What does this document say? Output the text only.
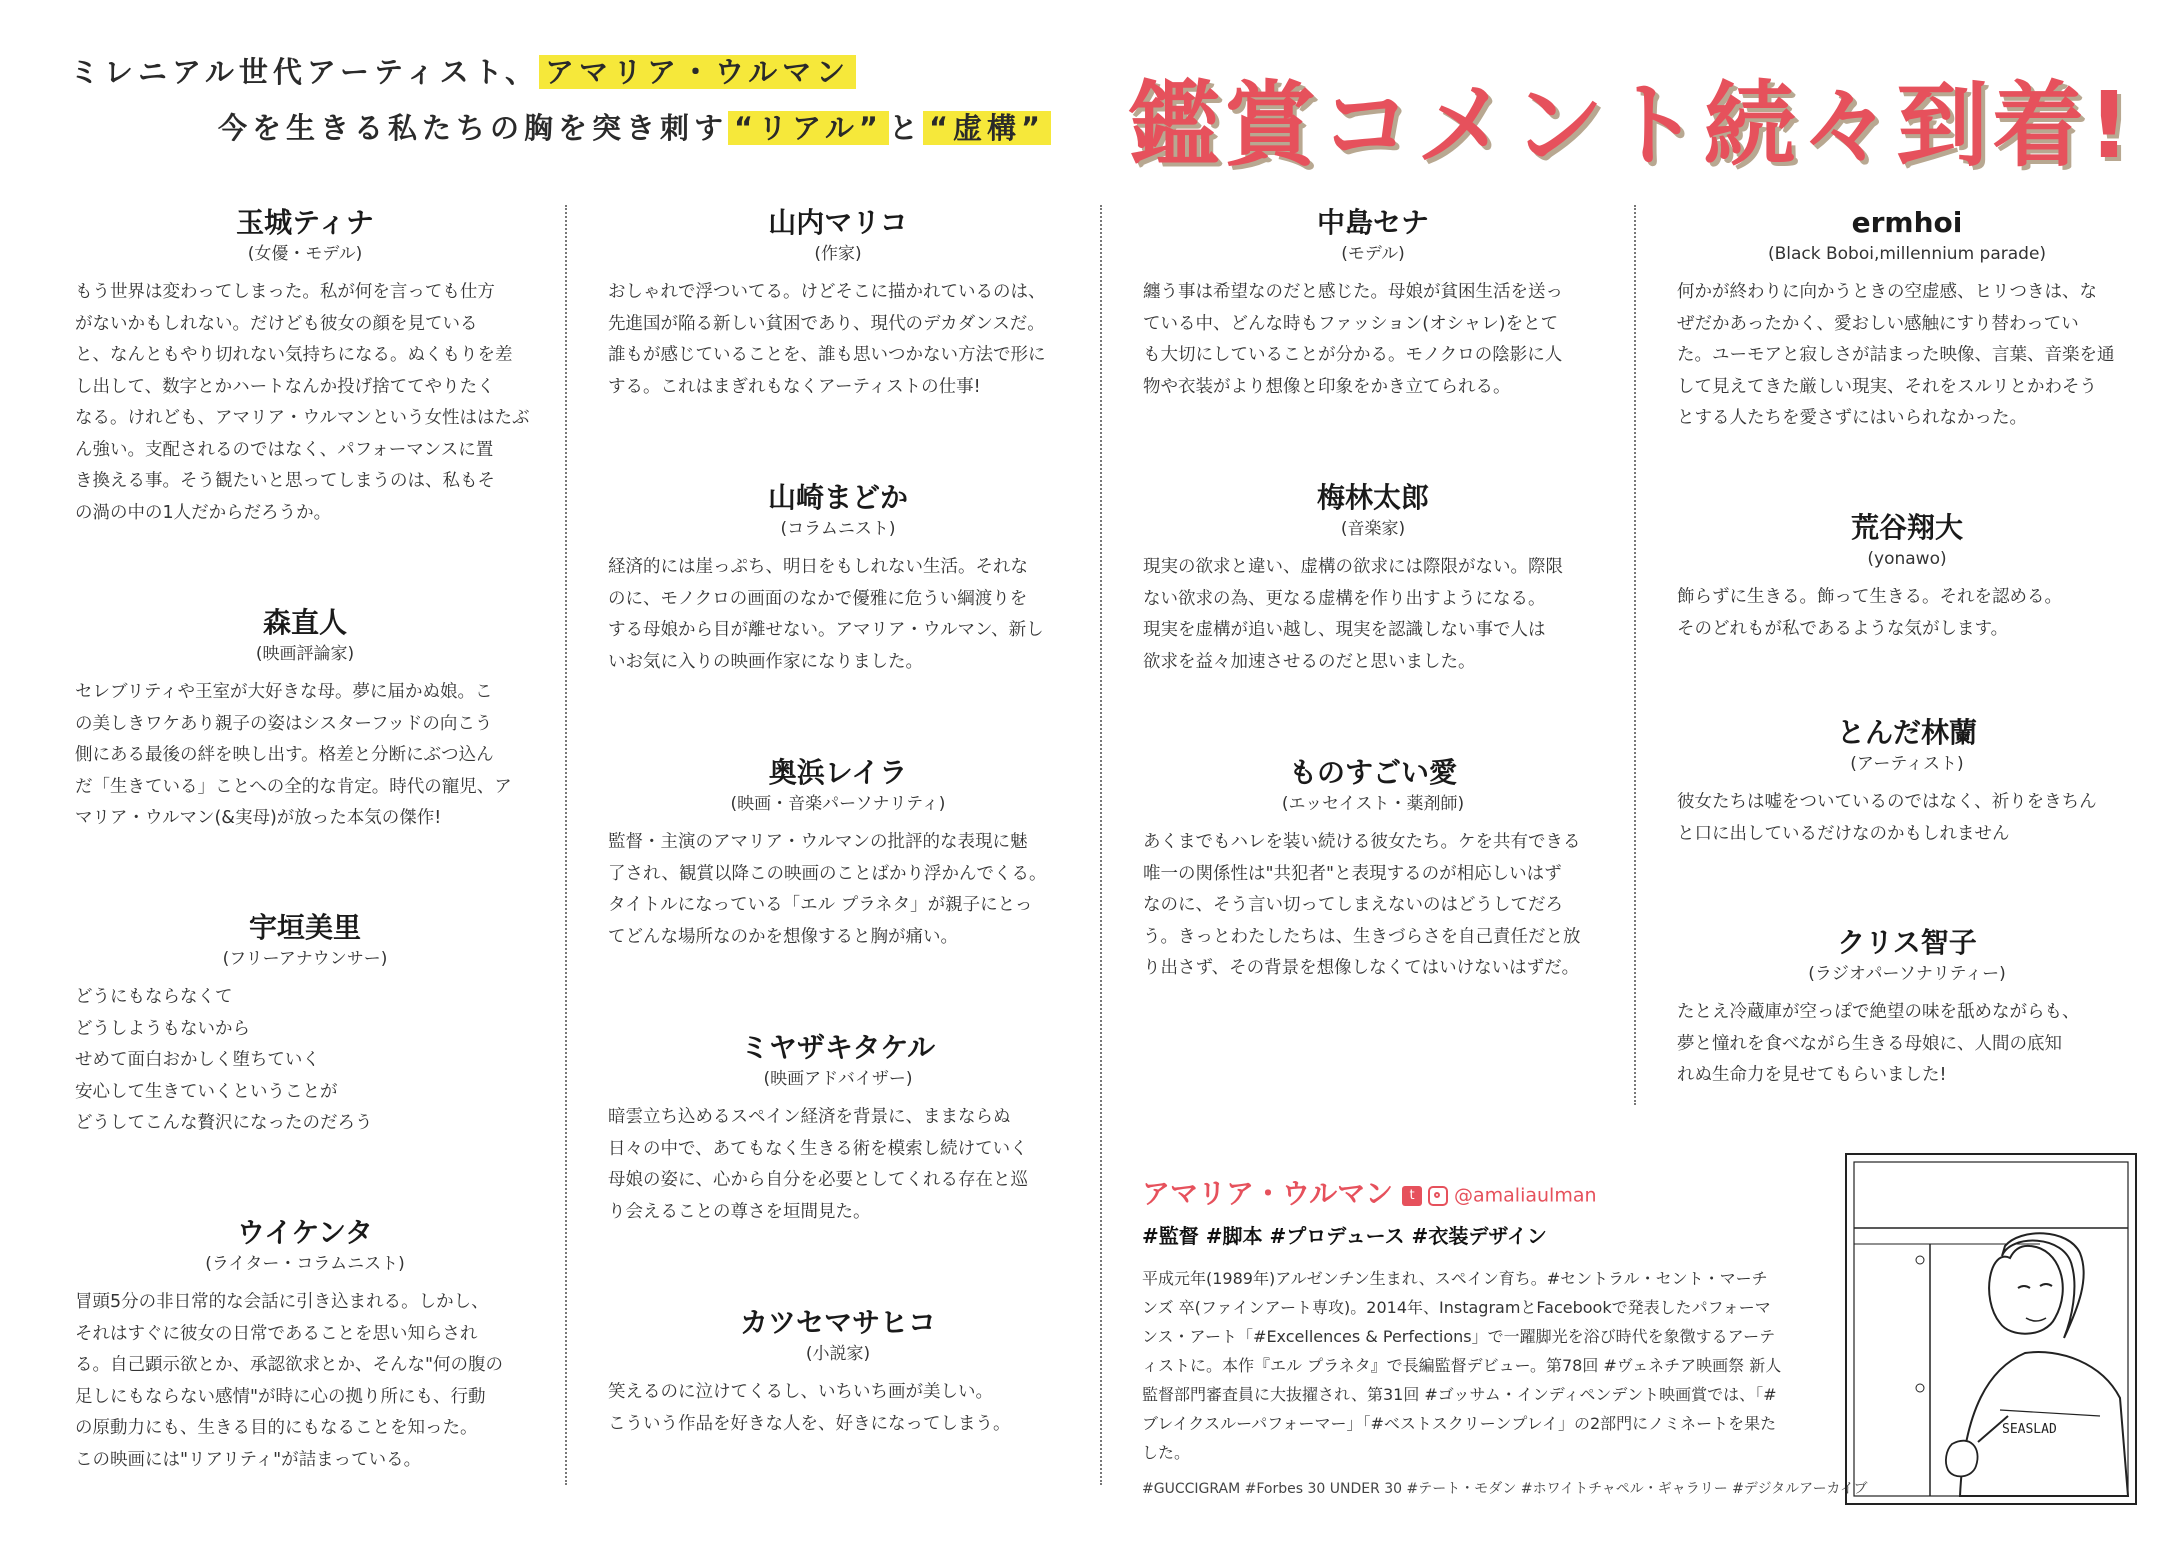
ミレニアル世代アーティスト、 アマリア・ウルマン
今を生きる私たちの胸を突き刺す “リアル” と “虚構” 鑑賞コメント続々到着!
玉城ティナ
(女優・モデル)
もう世界は変わってしまった。私が何を言っても仕方
がないかもしれない。だけども彼女の顔を見ている
と、なんともやり切れない気持ちになる。ぬくもりを差
し出して、数字とかハートなんか投げ捨ててやりたく
なる。けれども、アマリア・ウルマンという女性ははたぶ
ん強い。支配されるのではなく、パフォーマンスに置
き換える事。そう観たいと思ってしまうのは、私もそ
の渦の中の1人だからだろうか。
森直人
(映画評論家)
セレブリティや王室が大好きな母。夢に届かぬ娘。こ
の美しきワケあり親子の姿はシスターフッドの向こう
側にある最後の絆を映し出す。格差と分断にぶつ込ん
だ「生きている」ことへの全的な肯定。時代の寵児、ア
マリア・ウルマン(&実母)が放った本気の傑作!
宇垣美里
(フリーアナウンサー)
どうにもならなくて
どうしようもないから
せめて面白おかしく堕ちていく
安心して生きていくということが
どうしてこんな贅沢になったのだろう
ウイケンタ
(ライター・コラムニスト)
冒頭5分の非日常的な会話に引き込まれる。しかし、
それはすぐに彼女の日常であることを思い知らされ
る。自己顕示欲とか、承認欲求とか、そんな"何の腹の
足しにもならない感情"が時に心の拠り所にも、行動
の原動力にも、生きる目的にもなることを知った。
この映画には"リアリティ"が詰まっている。
山内マリコ
(作家)
おしゃれで浮ついてる。けどそこに描かれているのは、
先進国が陥る新しい貧困であり、現代のデカダンスだ。
誰もが感じていることを、誰も思いつかない方法で形に
する。これはまぎれもなくアーティストの仕事!
山崎まどか
(コラムニスト)
経済的には崖っぷち、明日をもしれない生活。それな
のに、モノクロの画面のなかで優雅に危うい綱渡りを
する母娘から目が離せない。アマリア・ウルマン、新し
いお気に入りの映画作家になりました。
奥浜レイラ
(映画・音楽パーソナリティ)
監督・主演のアマリア・ウルマンの批評的な表現に魅
了され、観賞以降この映画のことばかり浮かんでくる。
タイトルになっている「エル プラネタ」が親子にとっ
てどんな場所なのかを想像すると胸が痛い。
ミヤザキタケル
(映画アドバイザー)
暗雲立ち込めるスペイン経済を背景に、ままならぬ
日々の中で、あてもなく生きる術を模索し続けていく
母娘の姿に、心から自分を必要としてくれる存在と巡
り会えることの尊さを垣間見た。
カツセマサヒコ
(小説家)
笑えるのに泣けてくるし、いちいち画が美しい。
こういう作品を好きな人を、好きになってしまう。
中島セナ
(モデル)
纏う事は希望なのだと感じた。母娘が貧困生活を送っ
ている中、どんな時もファッション(オシャレ)をとて
も大切にしていることが分かる。モノクロの陰影に人
物や衣装がより想像と印象をかき立てられる。
梅林太郎
(音楽家)
現実の欲求と違い、虚構の欲求には際限がない。際限
ない欲求の為、更なる虚構を作り出すようになる。
現実を虚構が追い越し、現実を認識しない事で人は
欲求を益々加速させるのだと思いました。
ものすごい愛
(エッセイスト・薬剤師)
あくまでもハレを装い続ける彼女たち。ケを共有できる
唯一の関係性は"共犯者"と表現するのが相応しいはず
なのに、そう言い切ってしまえないのはどうしてだろ
う。きっとわたしたちは、生きづらさを自己責任だと放
り出さず、その背景を想像しなくてはいけないはずだ。
ermhoi
(Black Boboi,millennium parade)
何かが終わりに向かうときの空虚感、ヒリつきは、な
ぜだかあったかく、愛おしい感触にすり替わってい
た。ユーモアと寂しさが詰まった映像、言葉、音楽を通
して見えてきた厳しい現実、それをスルリとかわそう
とする人たちを愛さずにはいられなかった。
荒谷翔大
(yonawo)
飾らずに生きる。飾って生きる。それを認める。
そのどれもが私であるような気がします。
とんだ林蘭
(アーティスト)
彼女たちは嘘をついているのではなく、祈りをきちん
と口に出しているだけなのかもしれません
クリス智子
(ラジオパーソナリティー)
たとえ冷蔵庫が空っぽで絶望の味を舐めながらも、
夢と憧れを食べながら生きる母娘に、人間の底知
れぬ生命力を見せてもらいました!
アマリア・ウルマン	t @amaliaulman
#監督 #脚本 #プロデュース #衣装デザイン
平成元年(1989年)アルゼンチン生まれ、スペイン育ち。#セントラル・セント・マーチンズ 卒(ファインアート専攻)。2014年、InstagramとFacebookで発表したパフォーマンス・アート「#Excellences & Perfections」で一躍脚光を浴び時代を象徴するアーティストに。本作『エル プラネタ』で長編監督デビュー。第78回 #ヴェネチア映画祭 新人監督部門審査員に大抜擢され、第31回 #ゴッサム・インディペンデント映画賞では、「#ブレイクスルーパフォーマー」「#ベストスクリーンプレイ」の2部門にノミネートを果たした。
#GUCCIGRAM #Forbes 30 UNDER 30 #テート・モダン #ホワイトチャペル・ギャラリー #デジタルアーカイブ
SEASLAD
